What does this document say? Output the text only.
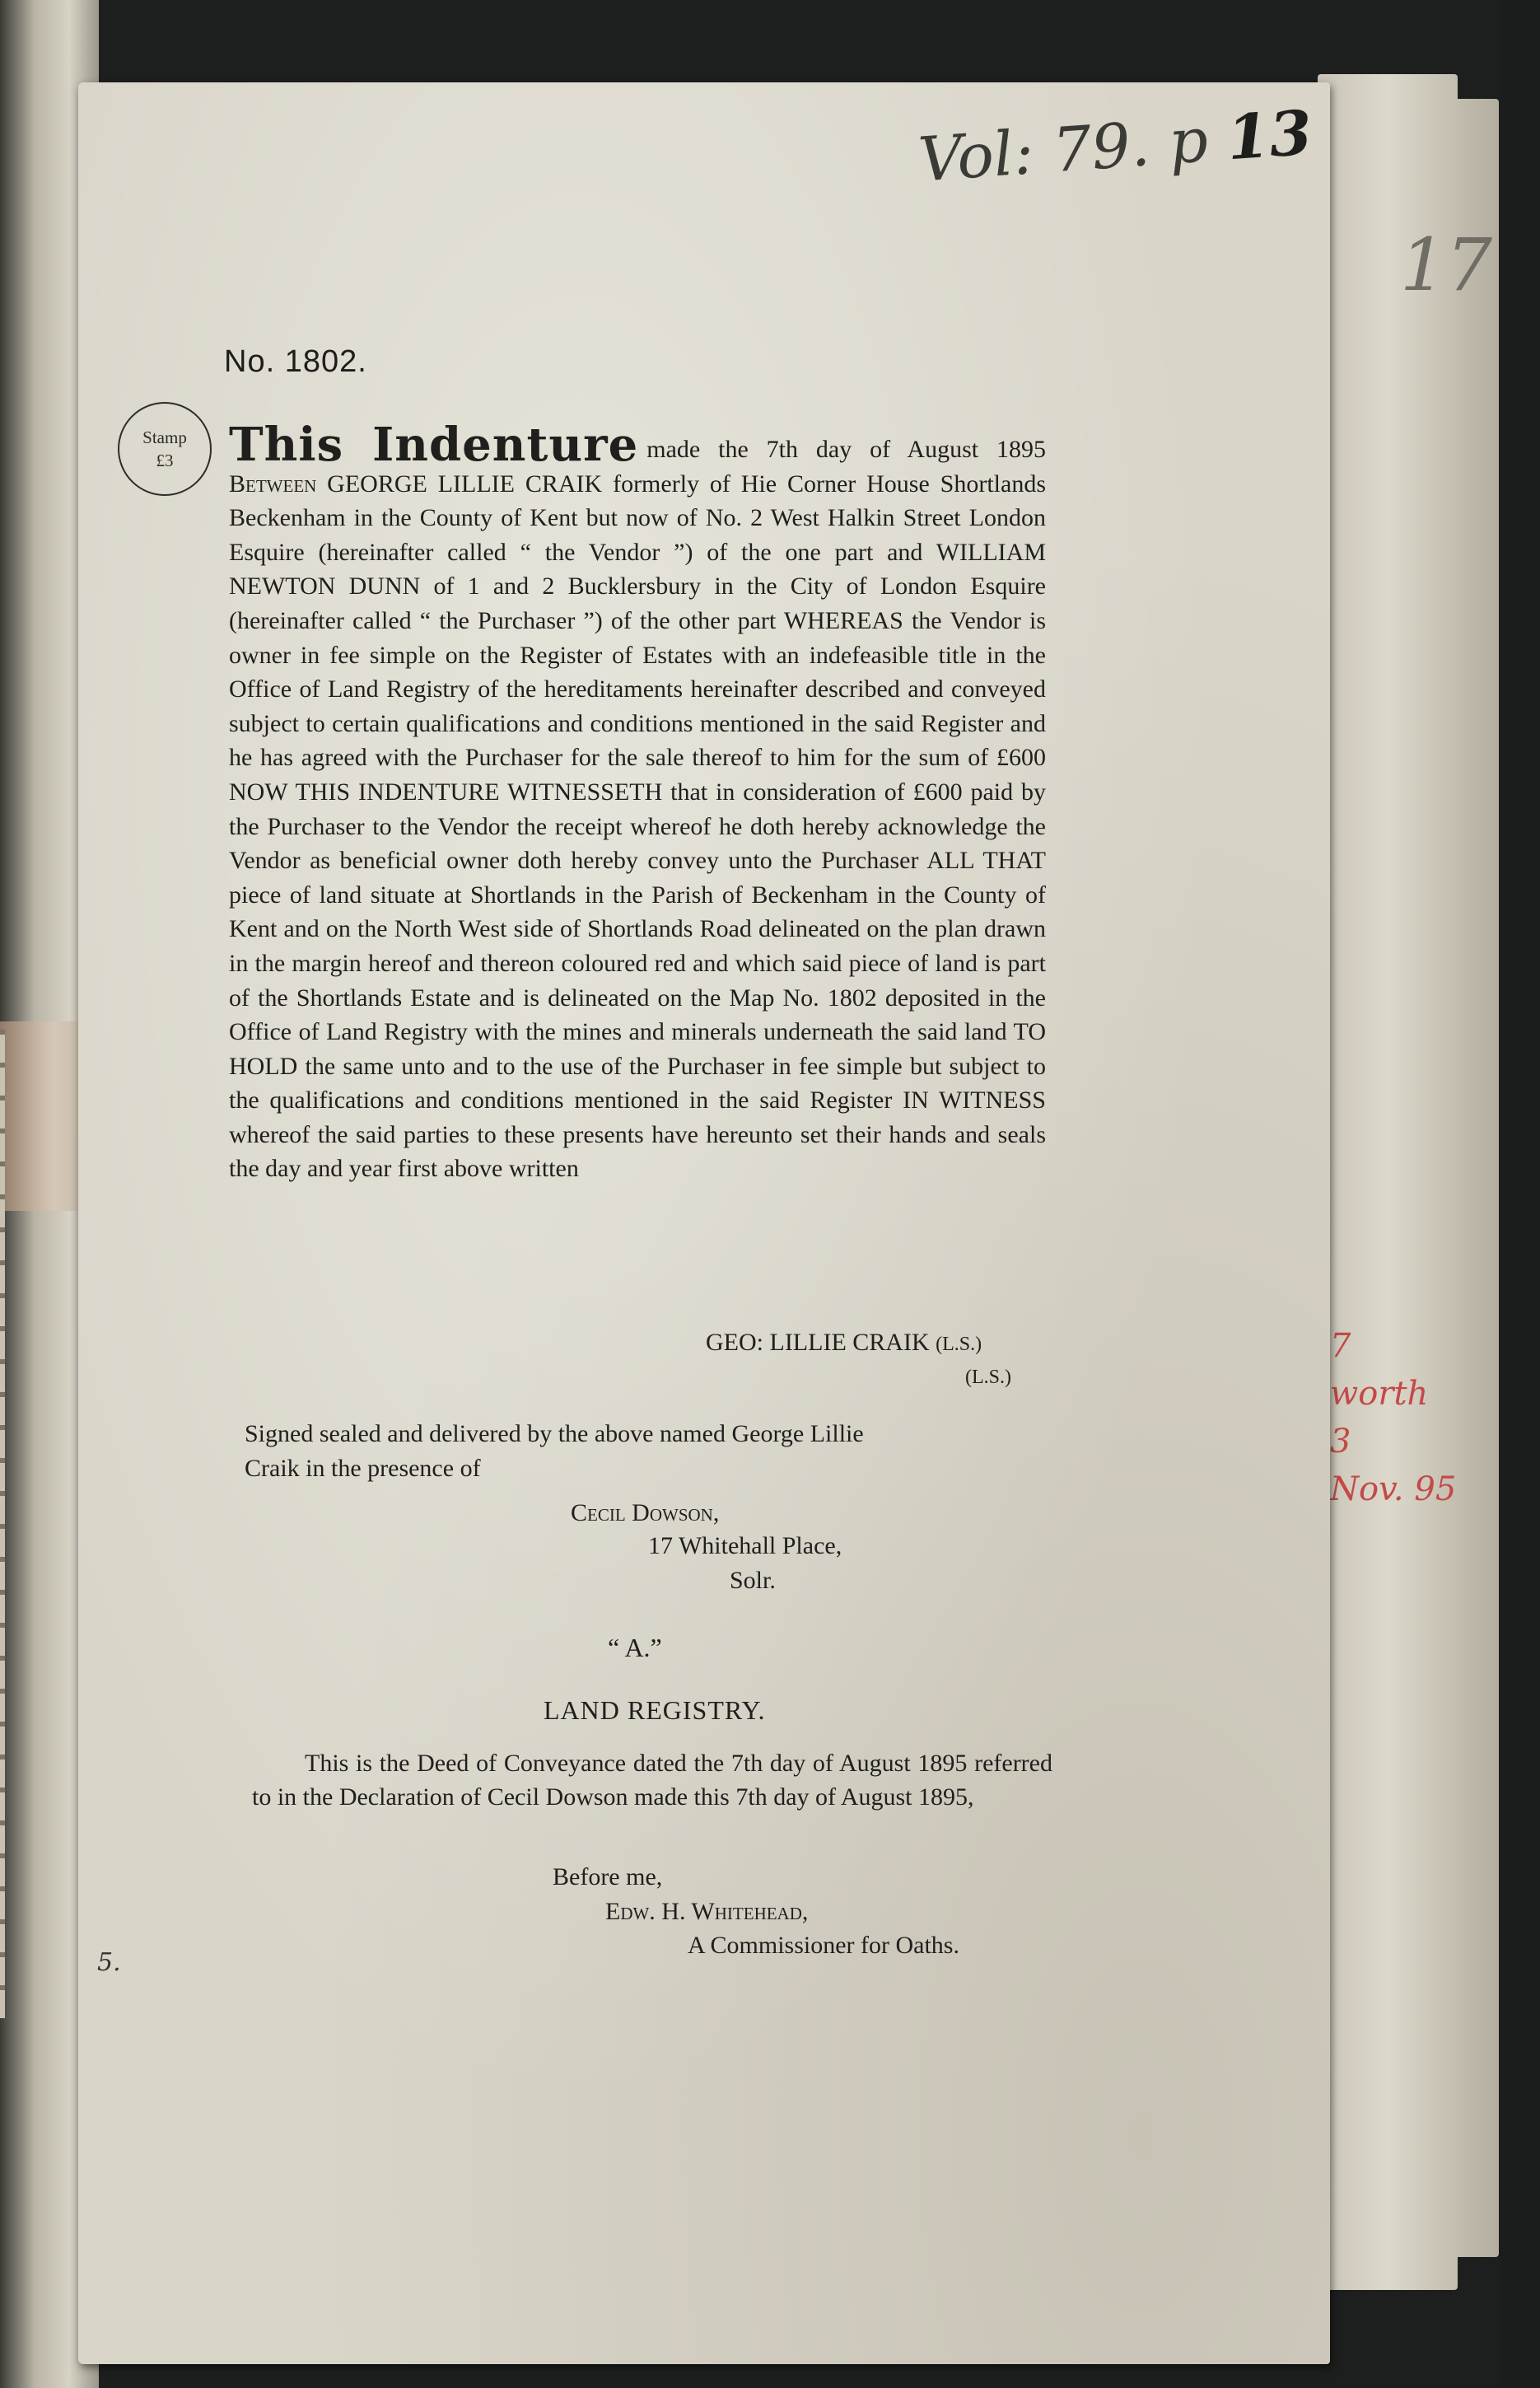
17
7
worth
3
Nov. 95
Vol: 79. p 13
5.
No. 1802.
Stamp
£3 This Indenture made the 7th day of August 1895 Between GEORGE LILLIE CRAIK formerly of Hie Corner House Shortlands Beckenham in the County of Kent but now of No. 2 West Halkin Street London Esquire (hereinafter called “ the Vendor ”) of the one part and WILLIAM NEWTON DUNN of 1 and 2 Bucklersbury in the City of London Esquire (hereinafter called “ the Purchaser ”) of the other part WHEREAS the Vendor is owner in fee simple on the Register of Estates with an indefeasible title in the Office of Land Registry of the hereditaments hereinafter described and conveyed subject to certain qualifications and conditions mentioned in the said Register and he has agreed with the Purchaser for the sale thereof to him for the sum of £600 NOW THIS INDENTURE WITNESSETH that in consideration of £600 paid by the Purchaser to the Vendor the receipt whereof he doth hereby acknowledge the Vendor as beneficial owner doth hereby convey unto the Purchaser ALL THAT piece of land situate at Shortlands in the Parish of Beckenham in the County of Kent and on the North West side of Shortlands Road delineated on the plan drawn in the margin hereof and thereon coloured red and which said piece of land is part of the Shortlands Estate and is delineated on the Map No. 1802 deposited in the Office of Land Registry with the mines and minerals underneath the said land TO HOLD the same unto and to the use of the Purchaser in fee simple but subject to the qualifications and conditions mentioned in the said Register IN WITNESS whereof the said parties to these presents have hereunto set their hands and seals the day and year first above written
GEO: LILLIE CRAIK (L.S.)
(L.S.)
Signed sealed and delivered by the above named George Lillie Craik in the presence of
Cecil Dowson,
17 Whitehall Place,
Solr.
“ A.”
LAND REGISTRY.
This is the Deed of Conveyance dated the 7th day of August 1895 referred to in the Declaration of Cecil Dowson made this 7th day of August 1895,
Before me,
Edw. H. Whitehead,
A Commissioner for Oaths.
